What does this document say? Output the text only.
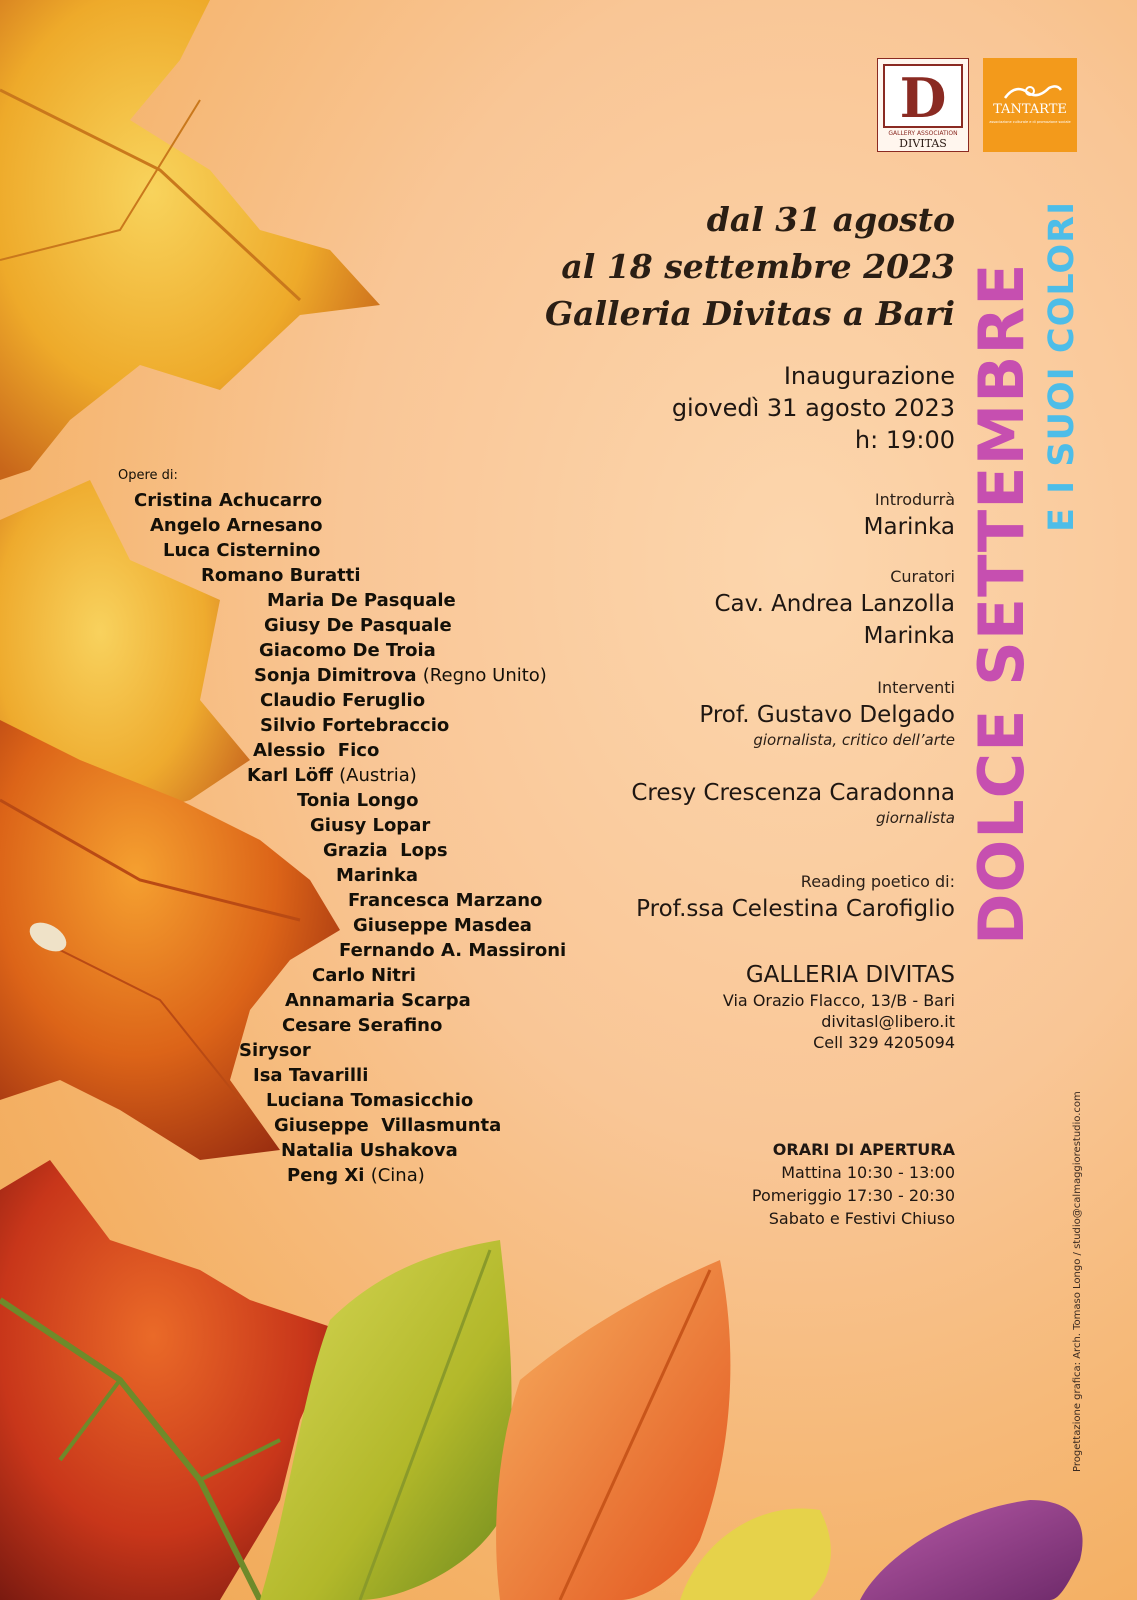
D
GALLERY ASSOCIATION
DIVITAS
TANTARTE
associazione culturale e di promozione sociale
dal 31 agosto
al 18 settembre 2023
Galleria Divitas a Bari
Inaugurazione
giovedì 31 agosto 2023
h: 19:00
Introdurrà
Marinka
Curatori
Cav. Andrea Lanzolla
Marinka
Interventi
Prof. Gustavo Delgado
giornalista, critico dell’arte
Cresy Crescenza Caradonna
giornalista
Reading poetico di:
Prof.ssa Celestina Carofiglio
GALLERIA DIVITAS
Via Orazio Flacco, 13/B - Bari
divitasl@libero.it
Cell 329 4205094
ORARI DI APERTURA
Mattina 10:30 - 13:00
Pomeriggio 17:30 - 20:30
Sabato e Festivi Chiuso
Opere di:
Cristina Achucarro
Angelo Arnesano
Luca Cisternino
Romano Buratti
Maria De Pasquale
Giusy De Pasquale
Giacomo De Troia
Sonja Dimitrova (Regno Unito)
Claudio Feruglio
Silvio Fortebraccio
Alessio  Fico
Karl Löff (Austria)
Tonia Longo
Giusy Lopar
Grazia  Lops
Marinka
Francesca Marzano
Giuseppe Masdea
Fernando A. Massironi
Carlo Nitri
Annamaria Scarpa
Cesare Serafino
Sirysor
Isa Tavarilli
Luciana Tomasicchio
Giuseppe  Villasmunta
Natalia Ushakova
Peng Xi (Cina)
DOLCE SETTEMBRE E I SUOI COLORI
Progettazione grafica: Arch. Tomaso Longo / studio@calmaggiorestudio.com
